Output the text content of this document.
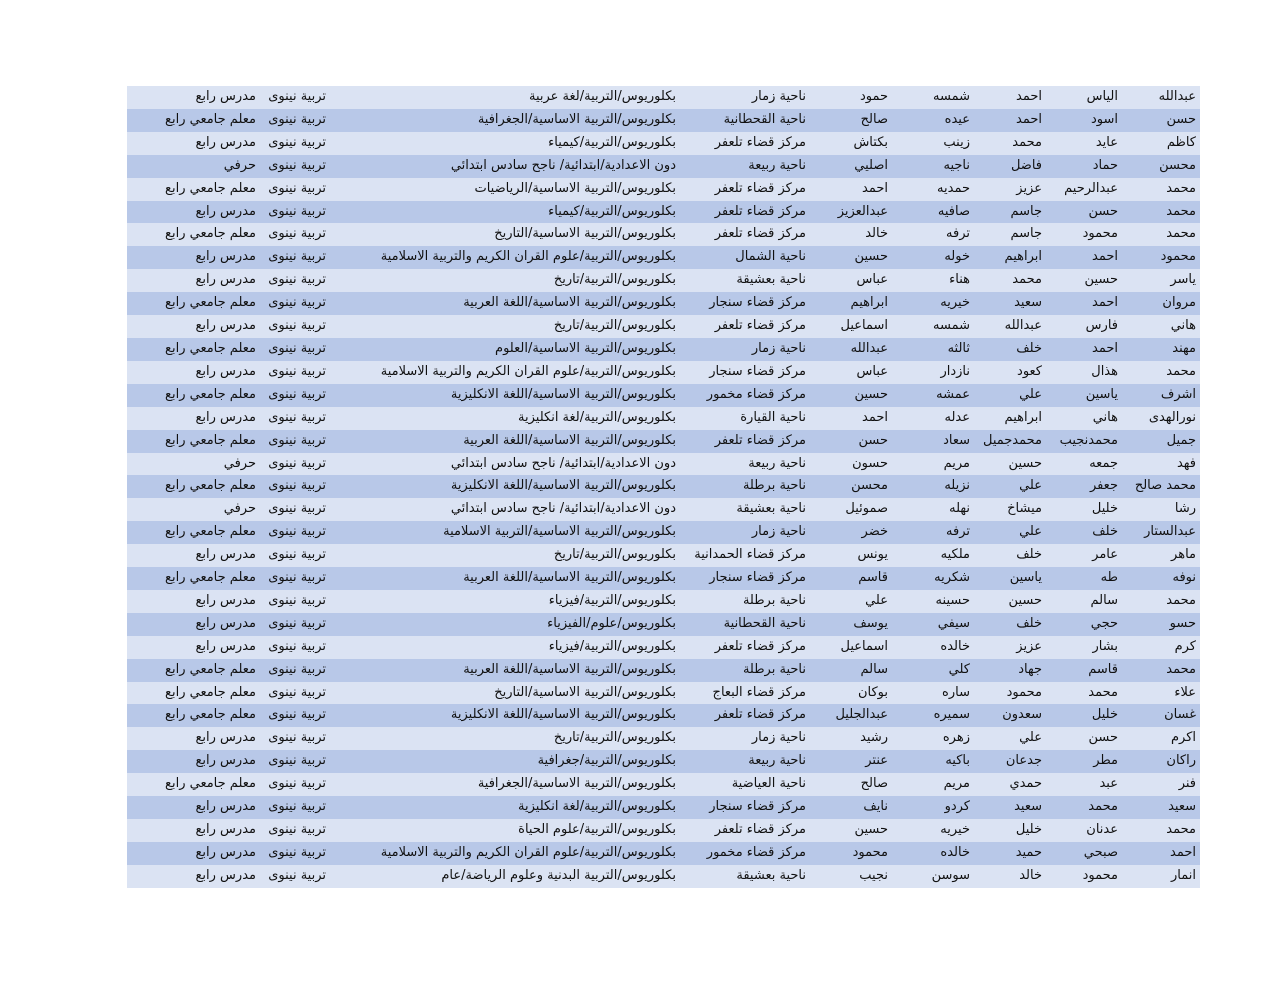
عبدالله	الياس	احمد	شمسه	حمود	ناحية زمار	بكلوريوس/التربية/لغة عربية	تربية نينوى	مدرس رابع
حسن	اسود	احمد	عيده	صالح	ناحية القحطانية	بكلوريوس/التربية الاساسية/الجغرافية	تربية نينوى	معلم جامعي رابع
كاظم	عايد	محمد	زينب	بكتاش	مركز قضاء تلعفر	بكلوريوس/التربية/كيمياء	تربية نينوى	مدرس رابع
محسن	حماد	فاضل	ناجيه	اصليي	ناحية ربيعة	دون الاعدادية/ابتدائية/ ناجح سادس ابتدائي	تربية نينوى	حرفي
محمد	عبدالرحيم	عزيز	حمديه	احمد	مركز قضاء تلعفر	بكلوريوس/التربية الاساسية/الرياضيات	تربية نينوى	معلم جامعي رابع
محمد	حسن	جاسم	صافيه	عبدالعزيز	مركز قضاء تلعفر	بكلوريوس/التربية/كيمياء	تربية نينوى	مدرس رابع
محمد	محمود	جاسم	ترفه	خالد	مركز قضاء تلعفر	بكلوريوس/التربية الاساسية/التاريخ	تربية نينوى	معلم جامعي رابع
محمود	احمد	ابراهيم	خوله	حسين	ناحية الشمال	بكلوريوس/التربية/علوم القران الكريم والتربية الاسلامية	تربية نينوى	مدرس رابع
ياسر	حسين	محمد	هناء	عباس	ناحية بعشيقة	بكلوريوس/التربية/تاريخ	تربية نينوى	مدرس رابع
مروان	احمد	سعيد	خيريه	ابراهيم	مركز قضاء سنجار	بكلوريوس/التربية الاساسية/اللغة العربية	تربية نينوى	معلم جامعي رابع
هاني	فارس	عبدالله	شمسه	اسماعيل	مركز قضاء تلعفر	بكلوريوس/التربية/تاريخ	تربية نينوى	مدرس رابع
مهند	احمد	خلف	ثالثه	عبدالله	ناحية زمار	بكلوريوس/التربية الاساسية/العلوم	تربية نينوى	معلم جامعي رابع
محمد	هذال	كعود	نازدار	عباس	مركز قضاء سنجار	بكلوريوس/التربية/علوم القران الكريم والتربية الاسلامية	تربية نينوى	مدرس رابع
اشرف	ياسين	علي	عمشه	حسين	مركز قضاء مخمور	بكلوريوس/التربية الاساسية/اللغة الانكليزية	تربية نينوى	معلم جامعي رابع
نورالهدى	هاني	ابراهيم	عدله	احمد	ناحية القيارة	بكلوريوس/التربية/لغة انكليزية	تربية نينوى	مدرس رابع
جميل	محمدنجيب	محمدجميل	سعاد	حسن	مركز قضاء تلعفر	بكلوريوس/التربية الاساسية/اللغة العربية	تربية نينوى	معلم جامعي رابع
فهد	جمعه	حسين	مريم	حسون	ناحية ربيعة	دون الاعدادية/ابتدائية/ ناجح سادس ابتدائي	تربية نينوى	حرفي
محمد صالح	جعفر	علي	نزيله	محسن	ناحية برطلة	بكلوريوس/التربية الاساسية/اللغة الانكليزية	تربية نينوى	معلم جامعي رابع
رشا	خليل	ميشاخ	نهله	صموئيل	ناحية بعشيقة	دون الاعدادية/ابتدائية/ ناجح سادس ابتدائي	تربية نينوى	حرفي
عبدالستار	خلف	علي	ترفه	خضر	ناحية زمار	بكلوريوس/التربية الاساسية/التربية الاسلامية	تربية نينوى	معلم جامعي رابع
ماهر	عامر	خلف	ملكيه	يونس	مركز قضاء الحمدانية	بكلوريوس/التربية/تاريخ	تربية نينوى	مدرس رابع
نوفه	طه	ياسين	شكريه	قاسم	مركز قضاء سنجار	بكلوريوس/التربية الاساسية/اللغة العربية	تربية نينوى	معلم جامعي رابع
محمد	سالم	حسين	حسينه	علي	ناحية برطلة	بكلوريوس/التربية/فيزياء	تربية نينوى	مدرس رابع
حسو	حجي	خلف	سيفي	يوسف	ناحية القحطانية	بكلوريوس/علوم/الفيزياء	تربية نينوى	مدرس رابع
كرم	بشار	عزيز	خالده	اسماعيل	مركز قضاء تلعفر	بكلوريوس/التربية/فيزياء	تربية نينوى	مدرس رابع
محمد	قاسم	جهاد	كلي	سالم	ناحية برطلة	بكلوريوس/التربية الاساسية/اللغة العربية	تربية نينوى	معلم جامعي رابع
علاء	محمد	محمود	ساره	بوكان	مركز قضاء البعاج	بكلوريوس/التربية الاساسية/التاريخ	تربية نينوى	معلم جامعي رابع
غسان	خليل	سعدون	سميره	عبدالجليل	مركز قضاء تلعفر	بكلوريوس/التربية الاساسية/اللغة الانكليزية	تربية نينوى	معلم جامعي رابع
اكرم	حسن	علي	زهره	رشيد	ناحية زمار	بكلوريوس/التربية/تاريخ	تربية نينوى	مدرس رابع
راكان	مطر	جدعان	باكيه	عنتر	ناحية ربيعة	بكلوريوس/التربية/جغرافية	تربية نينوى	مدرس رابع
فنر	عبد	حمدي	مريم	صالح	ناحية العياضية	بكلوريوس/التربية الاساسية/الجغرافية	تربية نينوى	معلم جامعي رابع
سعيد	محمد	سعيد	كردو	نايف	مركز قضاء سنجار	بكلوريوس/التربية/لغة انكليزية	تربية نينوى	مدرس رابع
محمد	عدنان	خليل	خيريه	حسين	مركز قضاء تلعفر	بكلوريوس/التربية/علوم الحياة	تربية نينوى	مدرس رابع
احمد	صبحي	حميد	خالده	محمود	مركز قضاء مخمور	بكلوريوس/التربية/علوم القران الكريم والتربية الاسلامية	تربية نينوى	مدرس رابع
انمار	محمود	خالد	سوسن	نجيب	ناحية بعشيقة	بكلوريوس/التربية البدنية وعلوم الرياضة/عام	تربية نينوى	مدرس رابع
